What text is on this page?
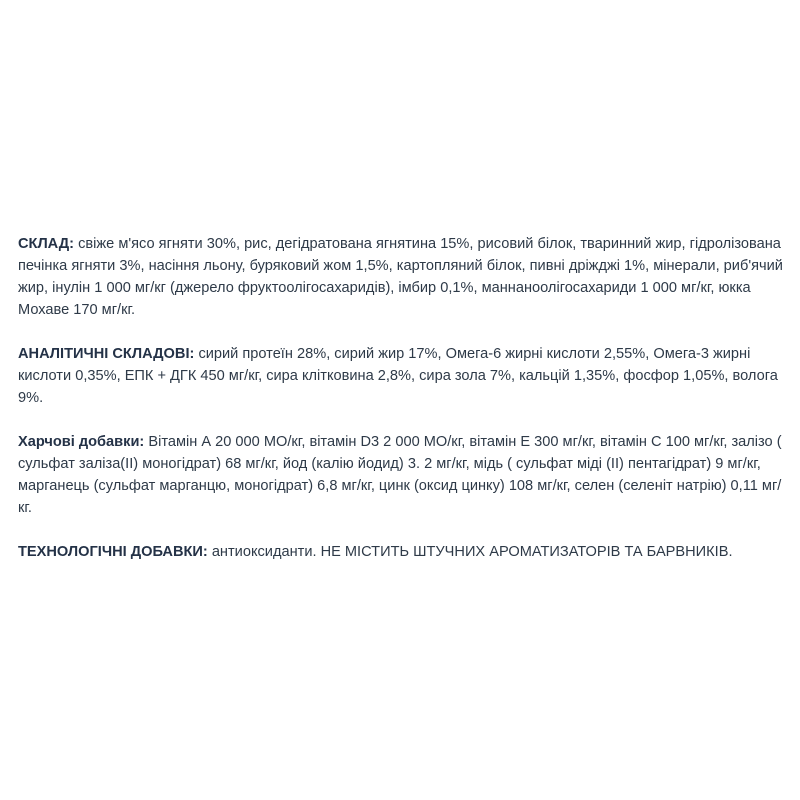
СКЛАД: свіже м'ясо ягняти 30%, рис, дегідратована ягнятина 15%, рисовий білок, тваринний жир, гідролізована печінка ягняти 3%, насіння льону, буряковий жом 1,5%, картопляний білок, пивні дріжджі 1%, мінерали, риб'ячий жир, інулін 1 000 мг/кг (джерело фруктоолігосахаридів), імбир 0,1%, маннаноолігосахариди 1 000 мг/кг, юкка Мохаве 170 мг/кг.

АНАЛІТИЧНІ СКЛАДОВІ: сирий протеїн 28%, сирий жир 17%, Омега-6 жирні кислоти 2,55%, Омега-3 жирні кислоти 0,35%, ЕПК + ДГК 450 мг/кг, сира клітковина 2,8%, сира зола 7%, кальцій 1,35%, фосфор 1,05%, волога 9%.

Харчові добавки: Вітамін А 20 000 МО/кг, вітамін D3 2 000 МО/кг, вітамін Е 300 мг/кг, вітамін С 100 мг/кг, залізо ( сульфат заліза(II) моногідрат) 68 мг/кг, йод (калію йодид) 3. 2 мг/кг, мідь ( сульфат міді (II) пентагідрат) 9 мг/кг, марганець (сульфат марганцю, моногідрат) 6,8 мг/кг, цинк (оксид цинку) 108 мг/кг, селен (селеніт натрію) 0,11 мг/кг.

ТЕХНОЛОГІЧНІ ДОБАВКИ: антиоксиданти. НЕ МІСТИТЬ ШТУЧНИХ АРОМАТИЗАТОРІВ ТА БАРВНИКІВ.
